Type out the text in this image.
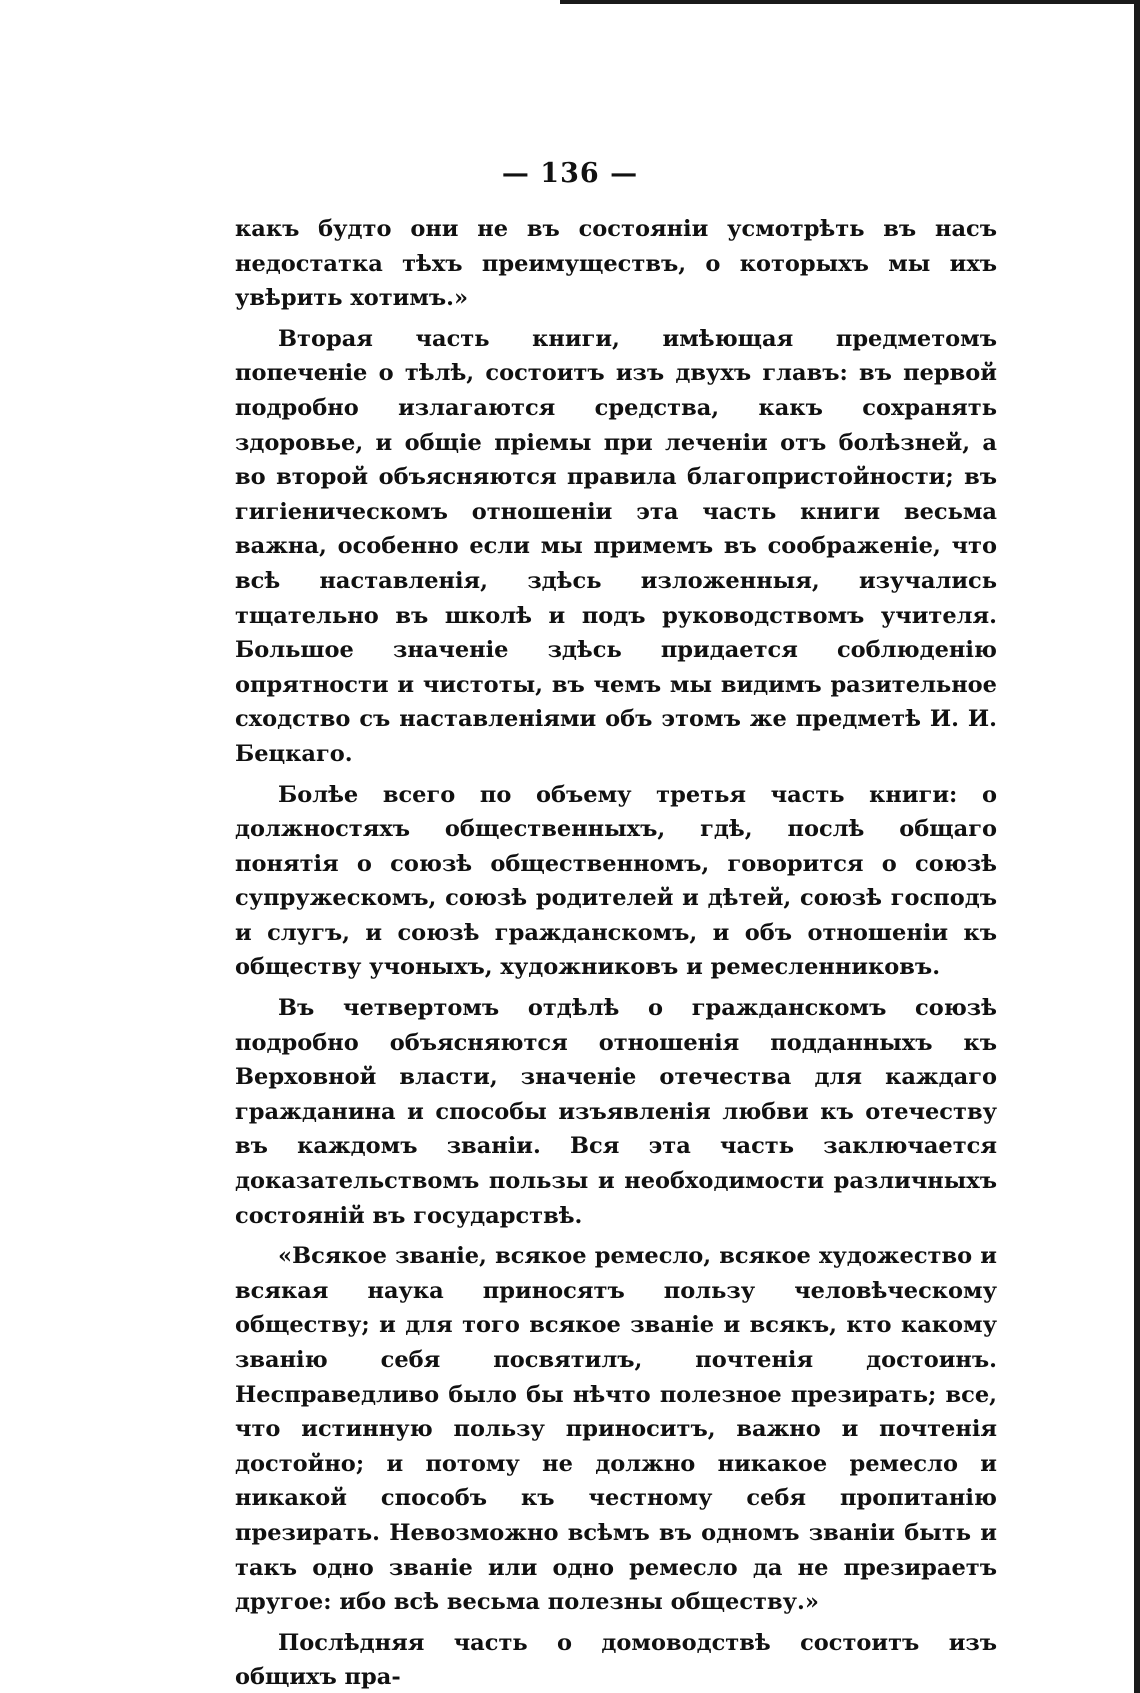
— 136 —

какъ будто они не въ состояніи усмотрѣть въ насъ недостатка тѣхъ преимуществъ, о которыхъ мы ихъ увѣрить хотимъ.»

Вторая часть книги, имѣющая предметомъ попеченіе о тѣлѣ, состоитъ изъ двухъ главъ: въ первой подробно излагаются средства, какъ сохранять здоровье, и общіе пріемы при леченіи отъ болѣзней, а во второй объясняются правила благопристойности; въ гигіеническомъ отношеніи эта часть книги весьма важна, особенно если мы примемъ въ соображеніе, что всѣ наставленія, здѣсь изложенныя, изучались тщательно въ школѣ и подъ руководствомъ учителя. Большое значеніе здѣсь придается соблюденію опрятности и чистоты, въ чемъ мы видимъ разительное сходство съ наставленіями объ этомъ же предметѣ И. И. Бецкаго.

Болѣе всего по объему третья часть книги: о должностяхъ общественныхъ, гдѣ, послѣ общаго понятія о союзѣ общественномъ, говорится о союзѣ супружескомъ, союзѣ родителей и дѣтей, союзѣ господъ и слугъ, и союзѣ гражданскомъ, и объ отношеніи къ обществу учоныхъ, художниковъ и ремесленниковъ.

Въ четвертомъ отдѣлѣ о гражданскомъ союзѣ подробно объясняются отношенія подданныхъ къ Верховной власти, значеніе отечества для каждаго гражданина и способы изъявленія любви къ отечеству въ каждомъ званіи. Вся эта часть заключается доказательствомъ пользы и необходимости различныхъ состояній въ государствѣ.

«Всякое званіе, всякое ремесло, всякое художество и всякая наука приносятъ пользу человѣческому обществу; и для того всякое званіе и всякъ, кто какому званію себя посвятилъ, почтенія достоинъ. Несправедливо было бы нѣчто полезное презирать; все, что истинную пользу приноситъ, важно и почтенія достойно; и потому не должно никакое ремесло и никакой способъ къ честному себя пропитанію презирать. Невозможно всѣмъ въ одномъ званіи быть и такъ одно званіе или одно ремесло да не презираетъ другое: ибо всѣ весьма полезны обществу.»

Послѣдняя часть о домоводствѣ состоитъ изъ общихъ пра-
